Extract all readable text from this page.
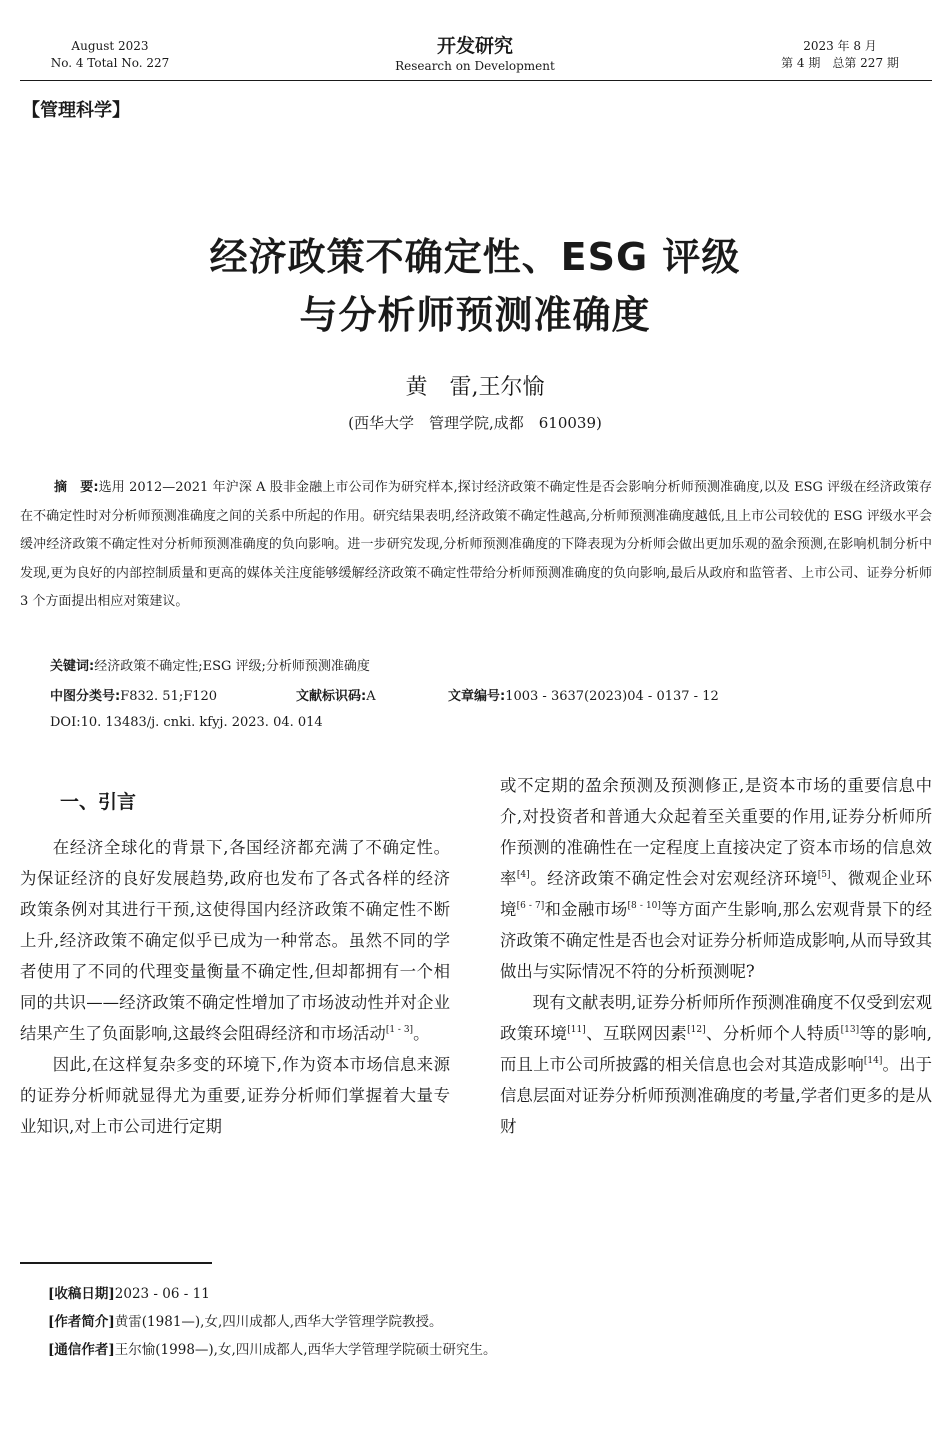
August 2023
No. 4 Total No. 227
开发研究
Research on Development
2023 年 8 月
第 4 期　总第 227 期
【管理科学】
经济政策不确定性、ESG 评级
与分析师预测准确度
黄　雷,王尔愉
(西华大学　管理学院,成都　610039)
摘　要:选用 2012—2021 年沪深 A 股非金融上市公司作为研究样本,探讨经济政策不确定性是否会影响分析师预测准确度,以及 ESG 评级在经济政策存在不确定性时对分析师预测准确度之间的关系中所起的作用。研究结果表明,经济政策不确定性越高,分析师预测准确度越低,且上市公司较优的 ESG 评级水平会缓冲经济政策不确定性对分析师预测准确度的负向影响。进一步研究发现,分析师预测准确度的下降表现为分析师会做出更加乐观的盈余预测,在影响机制分析中发现,更为良好的内部控制质量和更高的媒体关注度能够缓解经济政策不确定性带给分析师预测准确度的负向影响,最后从政府和监管者、上市公司、证券分析师 3 个方面提出相应对策建议。
关键词:经济政策不确定性;ESG 评级;分析师预测准确度
中图分类号:F832. 51;F120	文献标识码:A	文章编号:1003 - 3637(2023)04 - 0137 - 12
DOI:10. 13483/j. cnki. kfyj. 2023. 04. 014
一、引言

在经济全球化的背景下,各国经济都充满了不确定性。为保证经济的良好发展趋势,政府也发布了各式各样的经济政策条例对其进行干预,这使得国内经济政策不确定性不断上升,经济政策不确定似乎已成为一种常态。虽然不同的学者使用了不同的代理变量衡量不确定性,但却都拥有一个相同的共识——经济政策不确定性增加了市场波动性并对企业结果产生了负面影响,这最终会阻碍经济和市场活动[1 - 3]。

因此,在这样复杂多变的环境下,作为资本市场信息来源的证券分析师就显得尤为重要,证券分析师们掌握着大量专业知识,对上市公司进行定期

或不定期的盈余预测及预测修正,是资本市场的重要信息中介,对投资者和普通大众起着至关重要的作用,证券分析师所作预测的准确性在一定程度上直接决定了资本市场的信息效率[4]。经济政策不确定性会对宏观经济环境[5]、微观企业环境[6 - 7]和金融市场[8 - 10]等方面产生影响,那么宏观背景下的经济政策不确定性是否也会对证券分析师造成影响,从而导致其做出与实际情况不符的分析预测呢?

现有文献表明,证券分析师所作预测准确度不仅受到宏观政策环境[11]、互联网因素[12]、分析师个人特质[13]等的影响,而且上市公司所披露的相关信息也会对其造成影响[14]。出于信息层面对证券分析师预测准确度的考量,学者们更多的是从财

[收稿日期]2023 - 06 - 11
[作者简介]黄雷(1981—),女,四川成都人,西华大学管理学院教授。
[通信作者]王尔愉(1998—),女,四川成都人,西华大学管理学院硕士研究生。
